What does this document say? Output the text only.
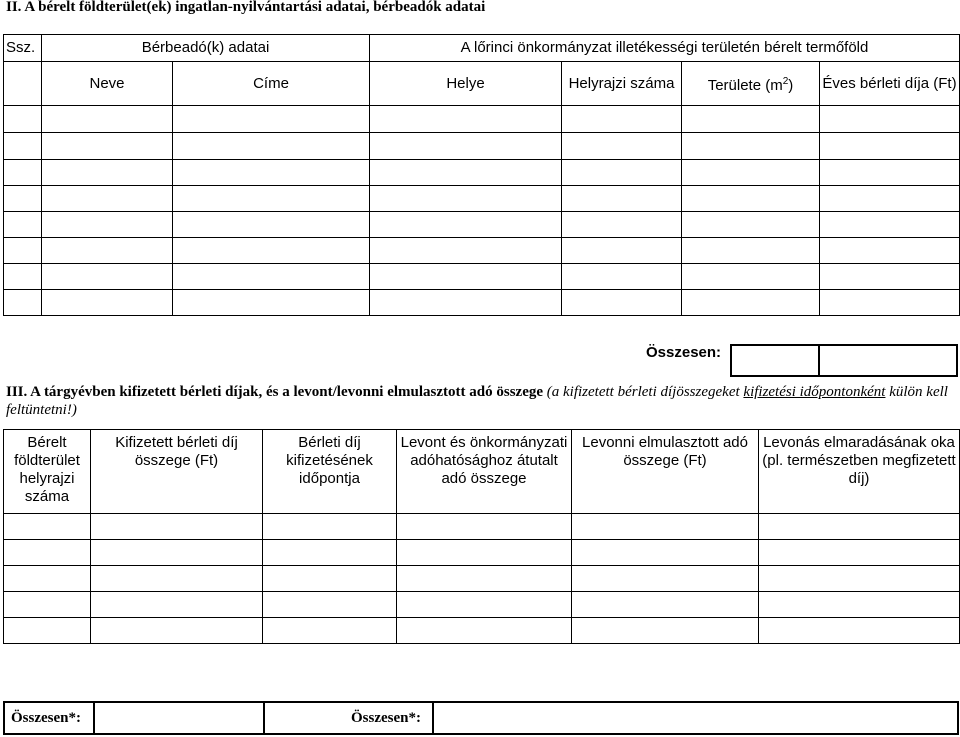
II. A bérelt földterület(ek) ingatlan-nyilvántartási adatai, bérbeadók adatai
Ssz.	Bérbeadó(k) adatai		A lőrinci önkormányzat illetékességi területén bérelt termőföld			
	Neve	Címe	Helye	Helyrajzi száma	Területe $(m^2)$	Éves bérleti díja (Ft)

Összesen:
III. A tárgyévben kifizetett bérleti díjak, és a levont/levonni elmulasztott adó összege (a kifizetett bérleti díjösszegeket kifizetési időpontonként külön kell feltüntetni!)
Bérelt földterület helyrajzi száma	Kifizetett bérleti díj összege (Ft)	Bérleti díj kifizetésének időpontja	Levont és önkormányzati adóhatósághoz átutalt adó összege	Levonni elmulasztott adó összege (Ft)	Levonás elmaradásának oka (pl. természetben megfizetett díj)

Összesen*:	Összesen*:
